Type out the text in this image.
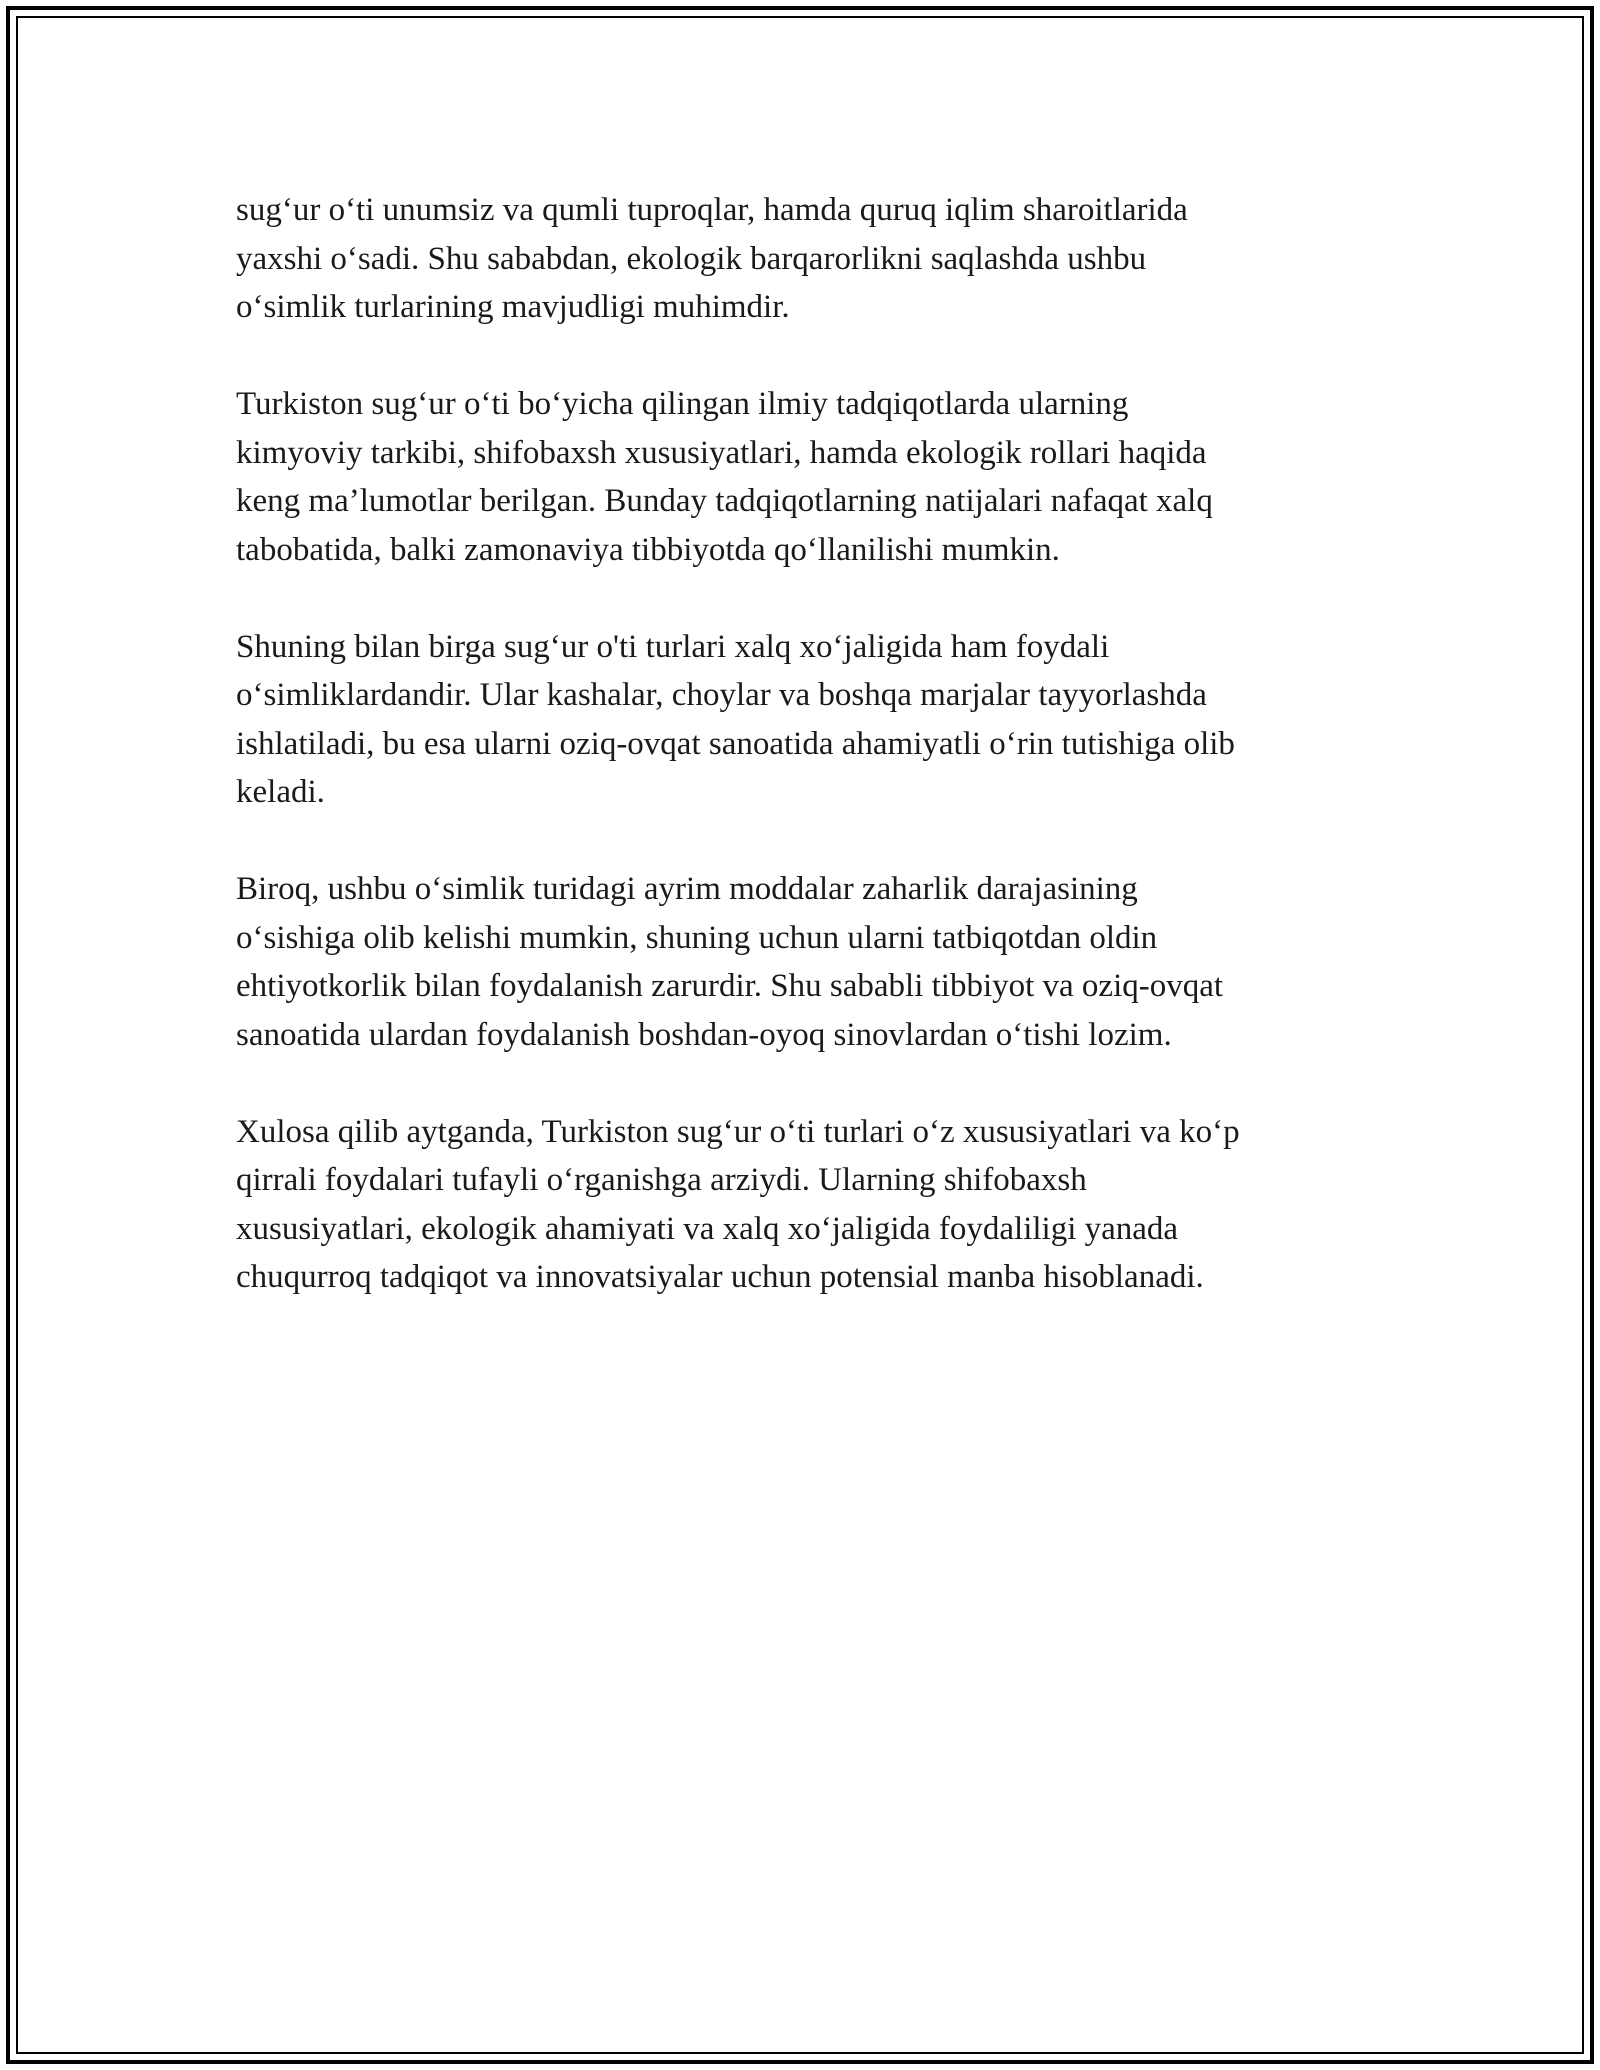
sug‘ur o‘ti unumsiz va qumli tuproqlar, hamda quruq iqlim sharoitlarida
yaxshi o‘sadi. Shu sababdan, ekologik barqarorlikni saqlashda ushbu
o‘simlik turlarining mavjudligi muhimdir.

Turkiston sug‘ur o‘ti bo‘yicha qilingan ilmiy tadqiqotlarda ularning
kimyoviy tarkibi, shifobaxsh xususiyatlari, hamda ekologik rollari haqida
keng ma’lumotlar berilgan. Bunday tadqiqotlarning natijalari nafaqat xalq
tabobatida, balki zamonaviya tibbiyotda qo‘llanilishi mumkin.

Shuning bilan birga sug‘ur o'ti turlari xalq xo‘jaligida ham foydali
o‘simliklardandir. Ular kashalar, choylar va boshqa marjalar tayyorlashda
ishlatiladi, bu esa ularni oziq-ovqat sanoatida ahamiyatli o‘rin tutishiga olib
keladi.

Biroq, ushbu o‘simlik turidagi ayrim moddalar zaharlik darajasining
o‘sishiga olib kelishi mumkin, shuning uchun ularni tatbiqotdan oldin
ehtiyotkorlik bilan foydalanish zarurdir. Shu sababli tibbiyot va oziq-ovqat
sanoatida ulardan foydalanish boshdan-oyoq sinovlardan o‘tishi lozim.

Xulosa qilib aytganda, Turkiston sug‘ur o‘ti turlari o‘z xususiyatlari va ko‘p
qirrali foydalari tufayli o‘rganishga arziydi. Ularning shifobaxsh
xususiyatlari, ekologik ahamiyati va xalq xo‘jaligida foydaliligi yanada
chuqurroq tadqiqot va innovatsiyalar uchun potensial manba hisoblanadi.
